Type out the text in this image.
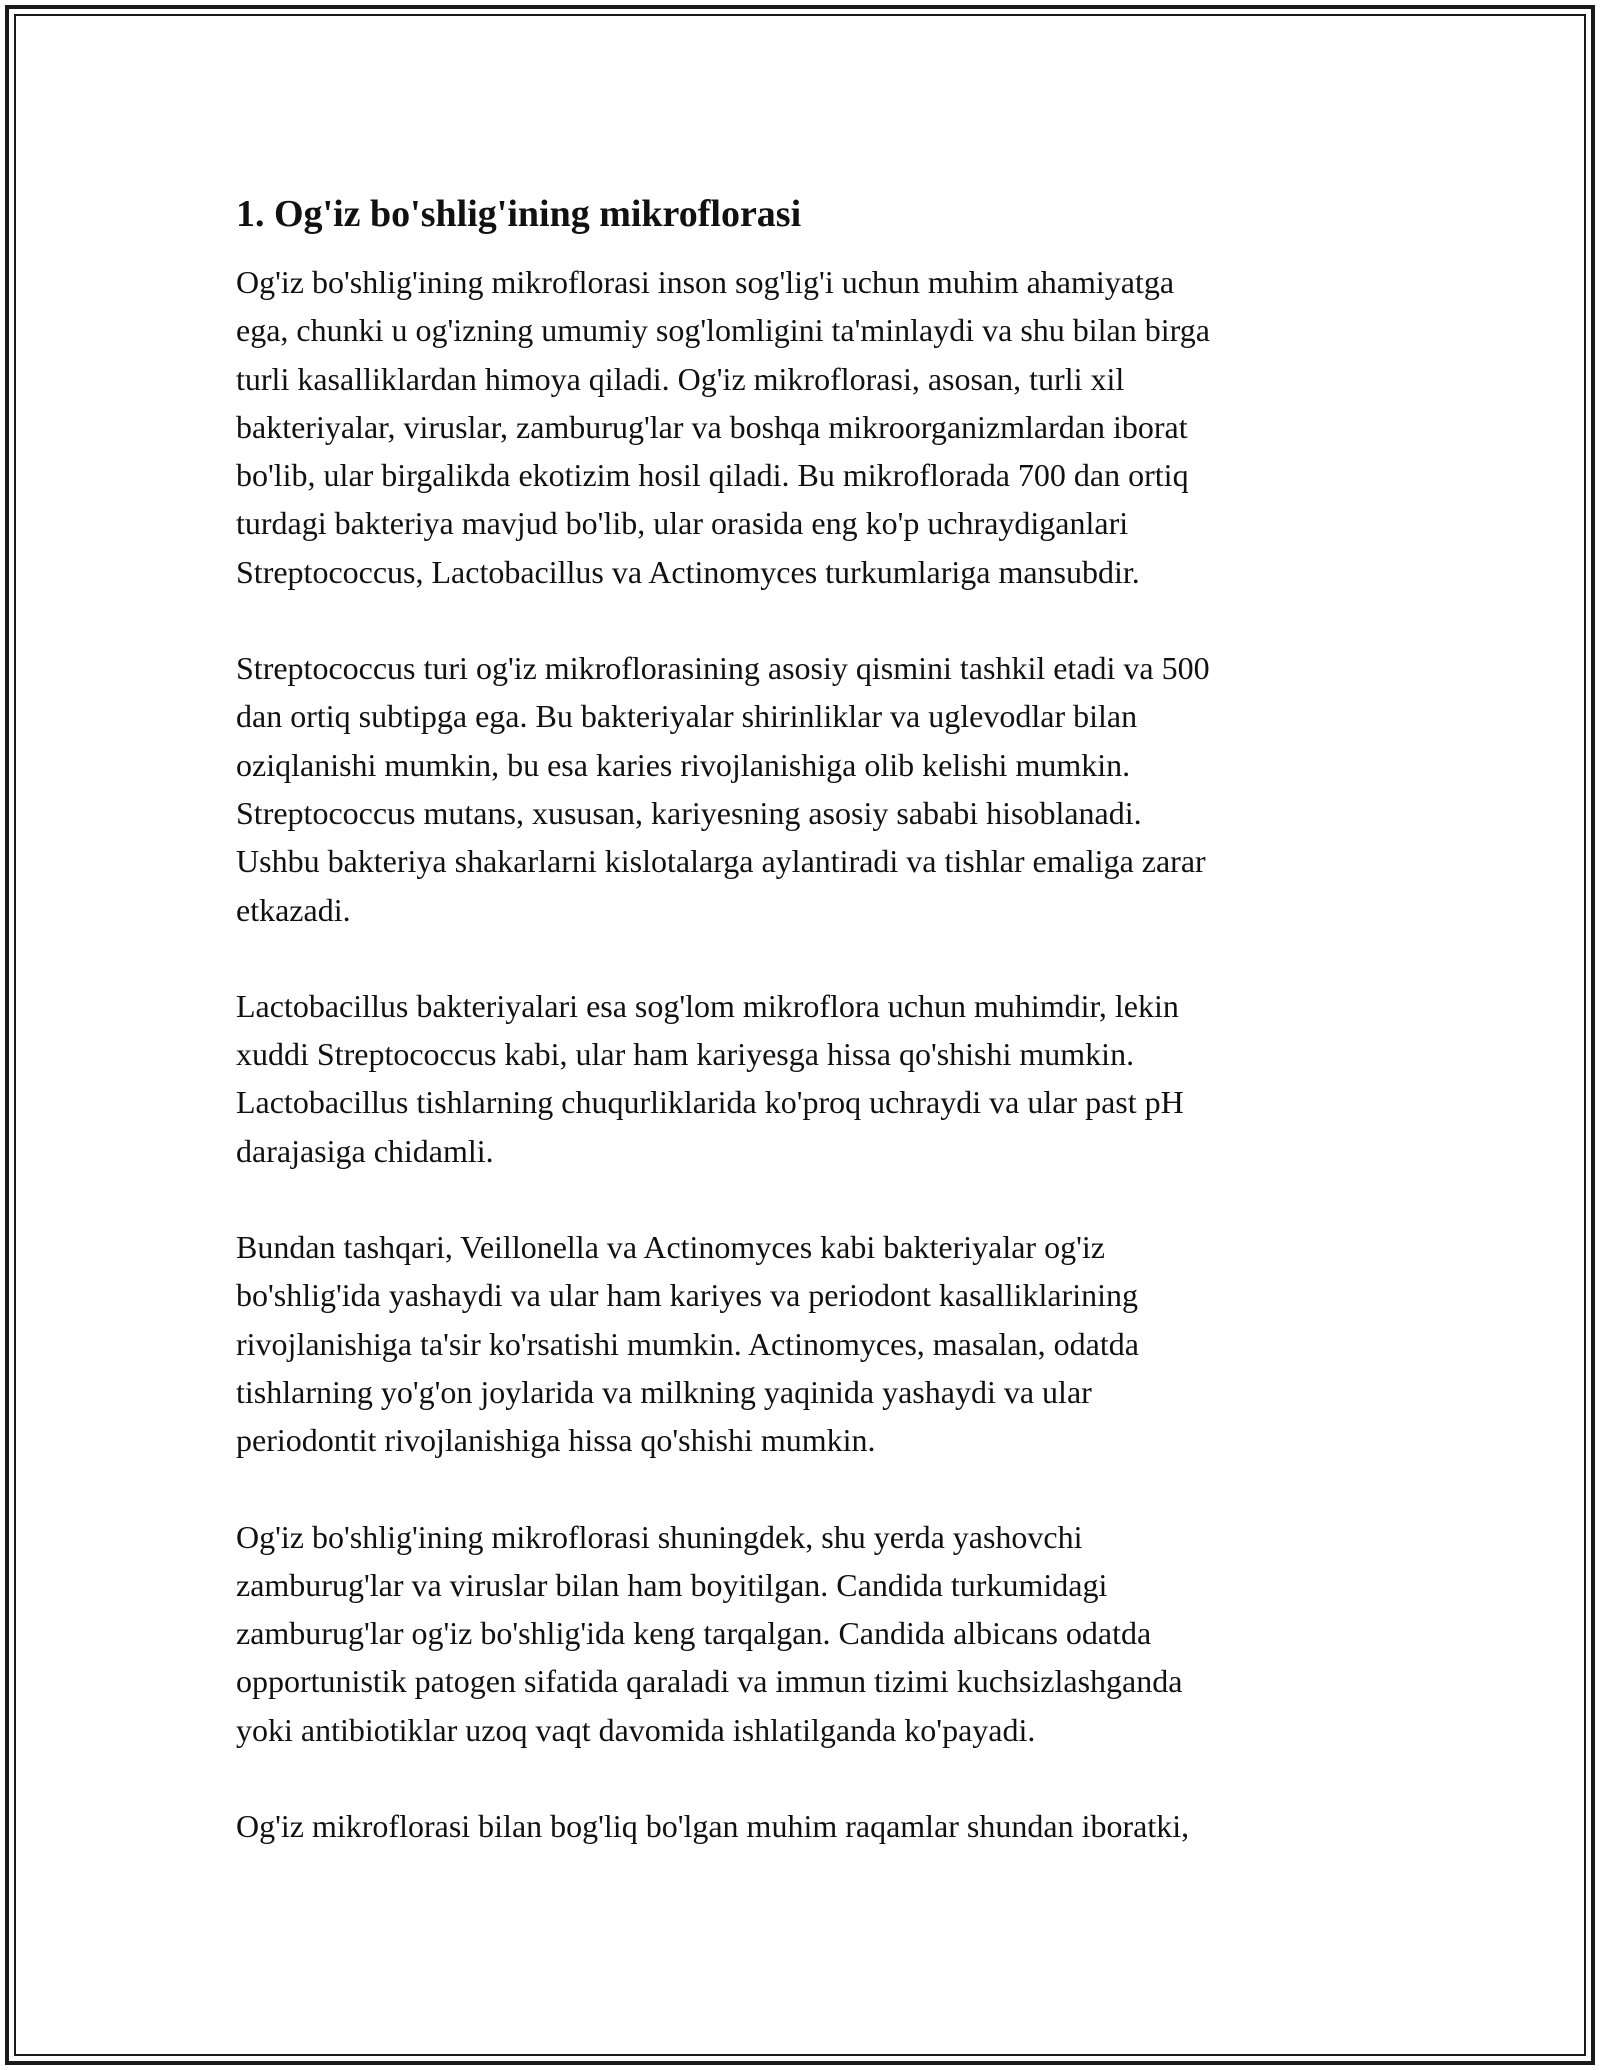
1. Og'iz bo'shlig'ining mikroflorasi

Og'iz bo'shlig'ining mikroflorasi inson sog'lig'i uchun muhim ahamiyatga
ega, chunki u og'izning umumiy sog'lomligini ta'minlaydi va shu bilan birga
turli kasalliklardan himoya qiladi. Og'iz mikroflorasi, asosan, turli xil
bakteriyalar, viruslar, zamburug'lar va boshqa mikroorganizmlardan iborat
bo'lib, ular birgalikda ekotizim hosil qiladi. Bu mikroflorada 700 dan ortiq
turdagi bakteriya mavjud bo'lib, ular orasida eng ko'p uchraydiganlari
Streptococcus, Lactobacillus va Actinomyces turkumlariga mansubdir.

Streptococcus turi og'iz mikroflorasining asosiy qismini tashkil etadi va 500
dan ortiq subtipga ega. Bu bakteriyalar shirinliklar va uglevodlar bilan
oziqlanishi mumkin, bu esa karies rivojlanishiga olib kelishi mumkin.
Streptococcus mutans, xususan, kariyesning asosiy sababi hisoblanadi.
Ushbu bakteriya shakarlarni kislotalarga aylantiradi va tishlar emaliga zarar
etkazadi.

Lactobacillus bakteriyalari esa sog'lom mikroflora uchun muhimdir, lekin
xuddi Streptococcus kabi, ular ham kariyesga hissa qo'shishi mumkin.
Lactobacillus tishlarning chuqurliklarida ko'proq uchraydi va ular past pH
darajasiga chidamli.

Bundan tashqari, Veillonella va Actinomyces kabi bakteriyalar og'iz
bo'shlig'ida yashaydi va ular ham kariyes va periodont kasalliklarining
rivojlanishiga ta'sir ko'rsatishi mumkin. Actinomyces, masalan, odatda
tishlarning yo'g'on joylarida va milkning yaqinida yashaydi va ular
periodontit rivojlanishiga hissa qo'shishi mumkin.

Og'iz bo'shlig'ining mikroflorasi shuningdek, shu yerda yashovchi
zamburug'lar va viruslar bilan ham boyitilgan. Candida turkumidagi
zamburug'lar og'iz bo'shlig'ida keng tarqalgan. Candida albicans odatda
opportunistik patogen sifatida qaraladi va immun tizimi kuchsizlashganda
yoki antibiotiklar uzoq vaqt davomida ishlatilganda ko'payadi.

Og'iz mikroflorasi bilan bog'liq bo'lgan muhim raqamlar shundan iboratki,
